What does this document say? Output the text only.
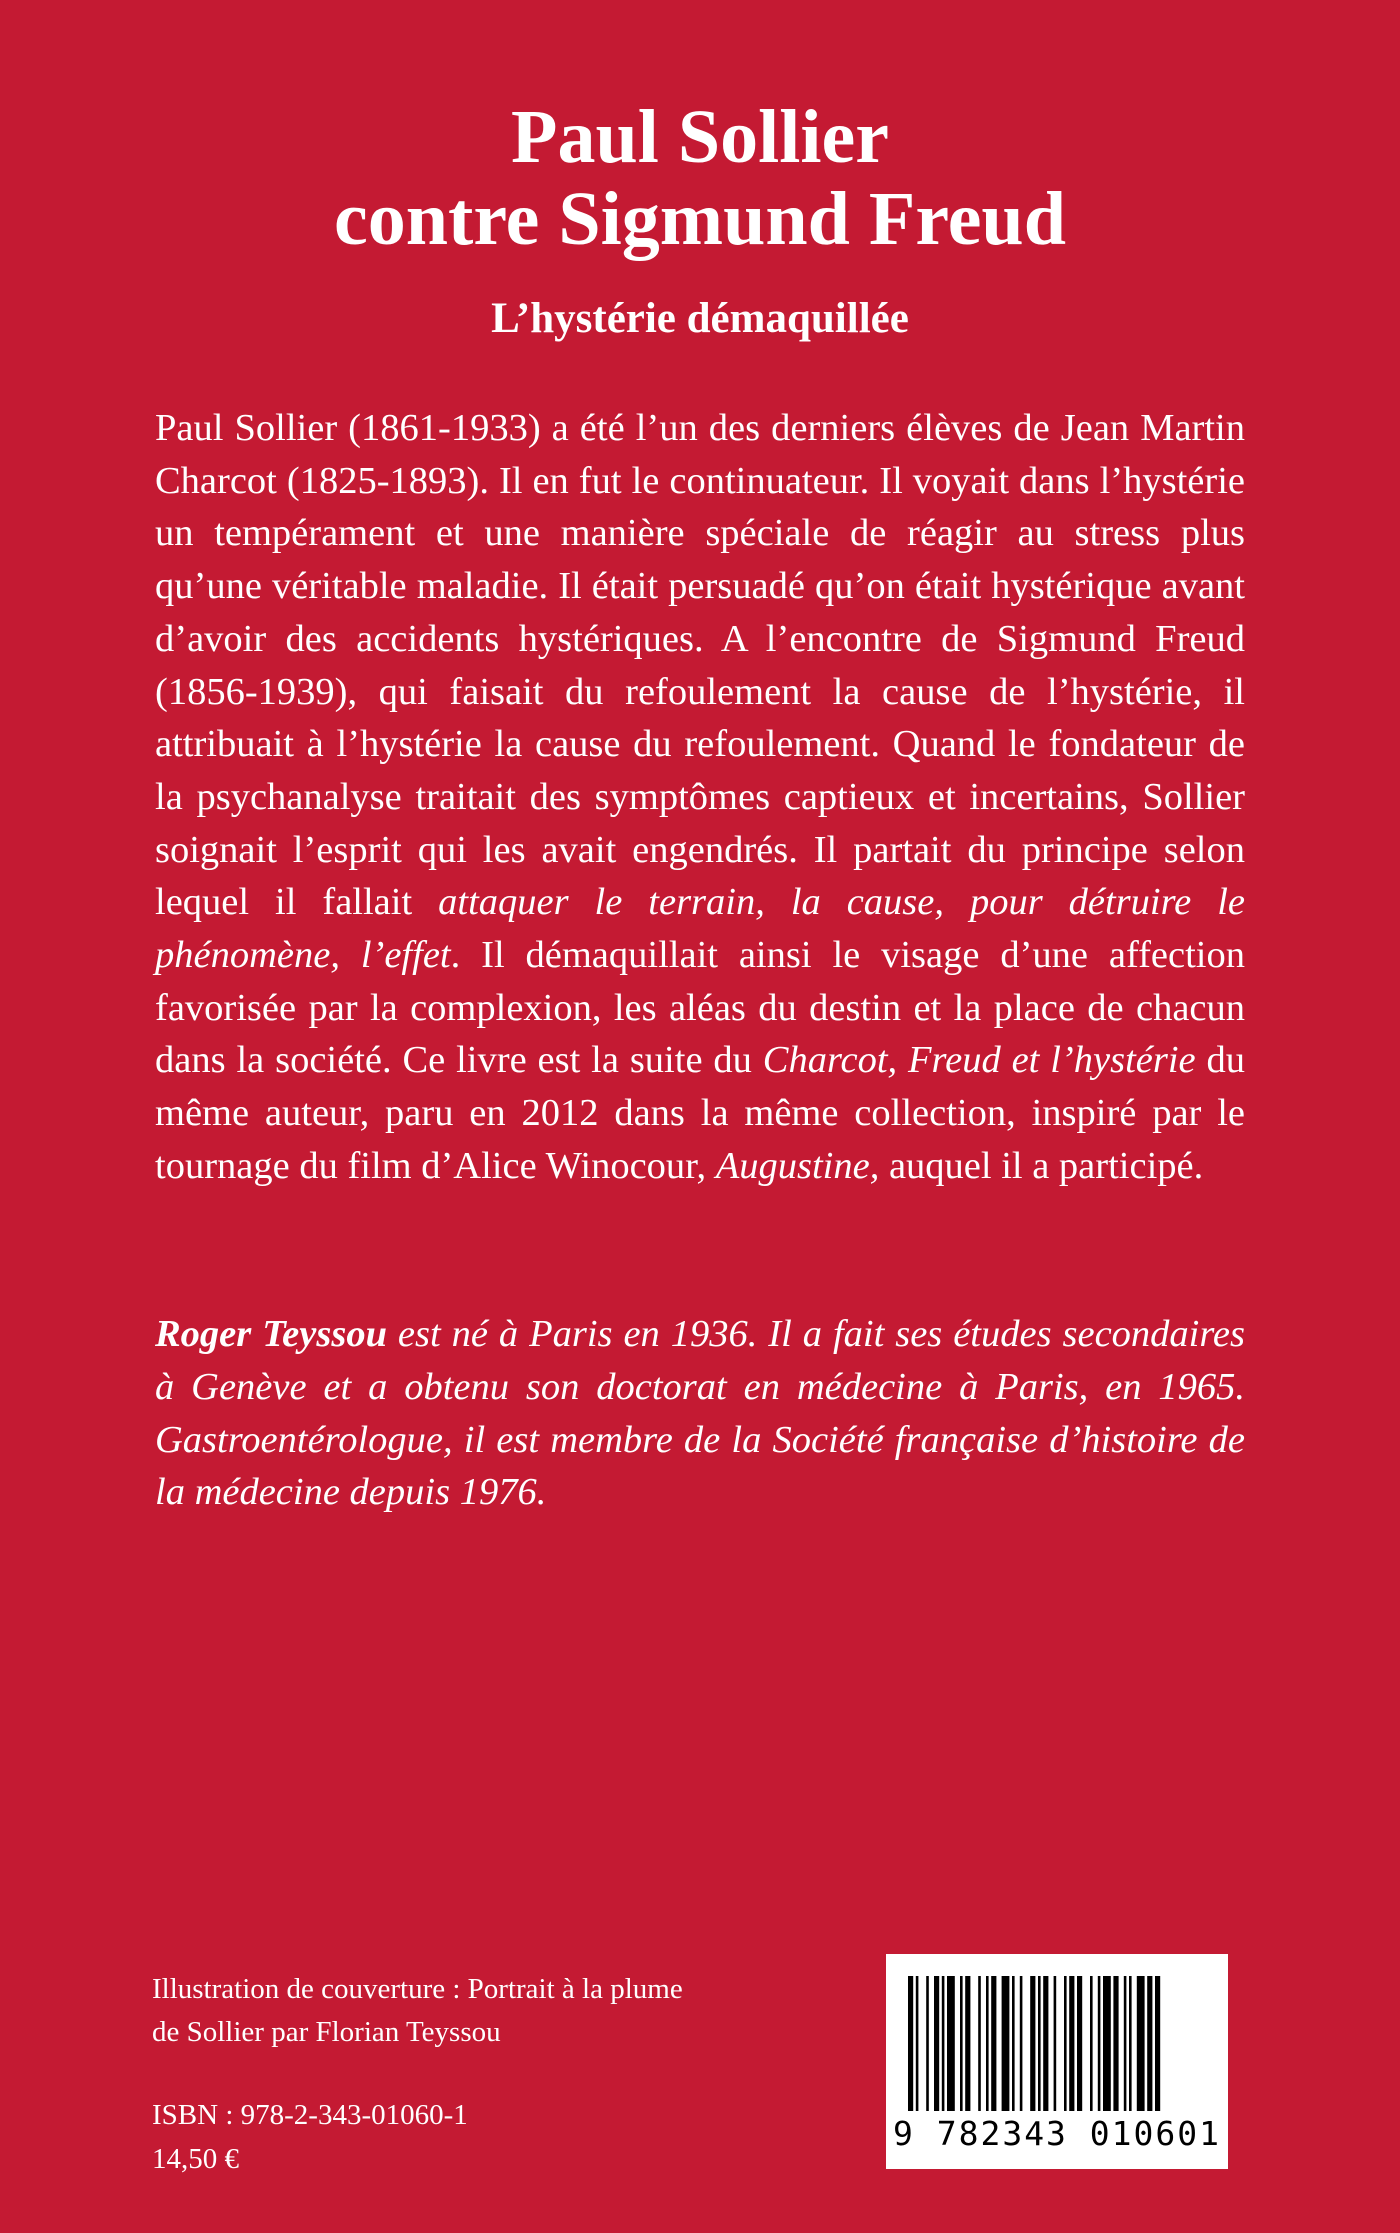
Paul Sollier
contre Sigmund Freud
L’hystérie démaquillée

Paul Sollier (1861-1933) a été l’un des derniers élèves de Jean Martin Charcot (1825-1893). Il en fut le continuateur. Il voyait dans l’hystérie un tempérament et une manière spéciale de réagir au stress plus qu’une véritable maladie. Il était persuadé qu’on était hystérique avant d’avoir des accidents hystériques. A l’encontre de Sigmund Freud (1856-1939), qui faisait du refoulement la cause de l’hystérie, il attribuait à l’hystérie la cause du refoulement. Quand le fondateur de la psychanalyse traitait des symptômes captieux et incertains, Sollier soignait l’esprit qui les avait engendrés. Il partait du principe selon lequel il fallait attaquer le terrain, la cause, pour détruire le phénomène, l’effet. Il démaquillait ainsi le visage d’une affection favorisée par la complexion, les aléas du destin et la place de chacun dans la société. Ce livre est la suite du Charcot, Freud et l’hystérie du même auteur, paru en 2012 dans la même collection, inspiré par le tournage du film d’Alice Winocour, Augustine, auquel il a participé.

Roger Teyssou est né à Paris en 1936. Il a fait ses études secondaires à Genève et a obtenu son doctorat en médecine à Paris, en 1965. Gastroentérologue, il est membre de la Société française d’histoire de la médecine depuis 1976.

Illustration de couverture : Portrait à la plume
de Sollier par Florian Teyssou
ISBN : 978-2-343-01060-1
14,50 €
9 782343 010601
